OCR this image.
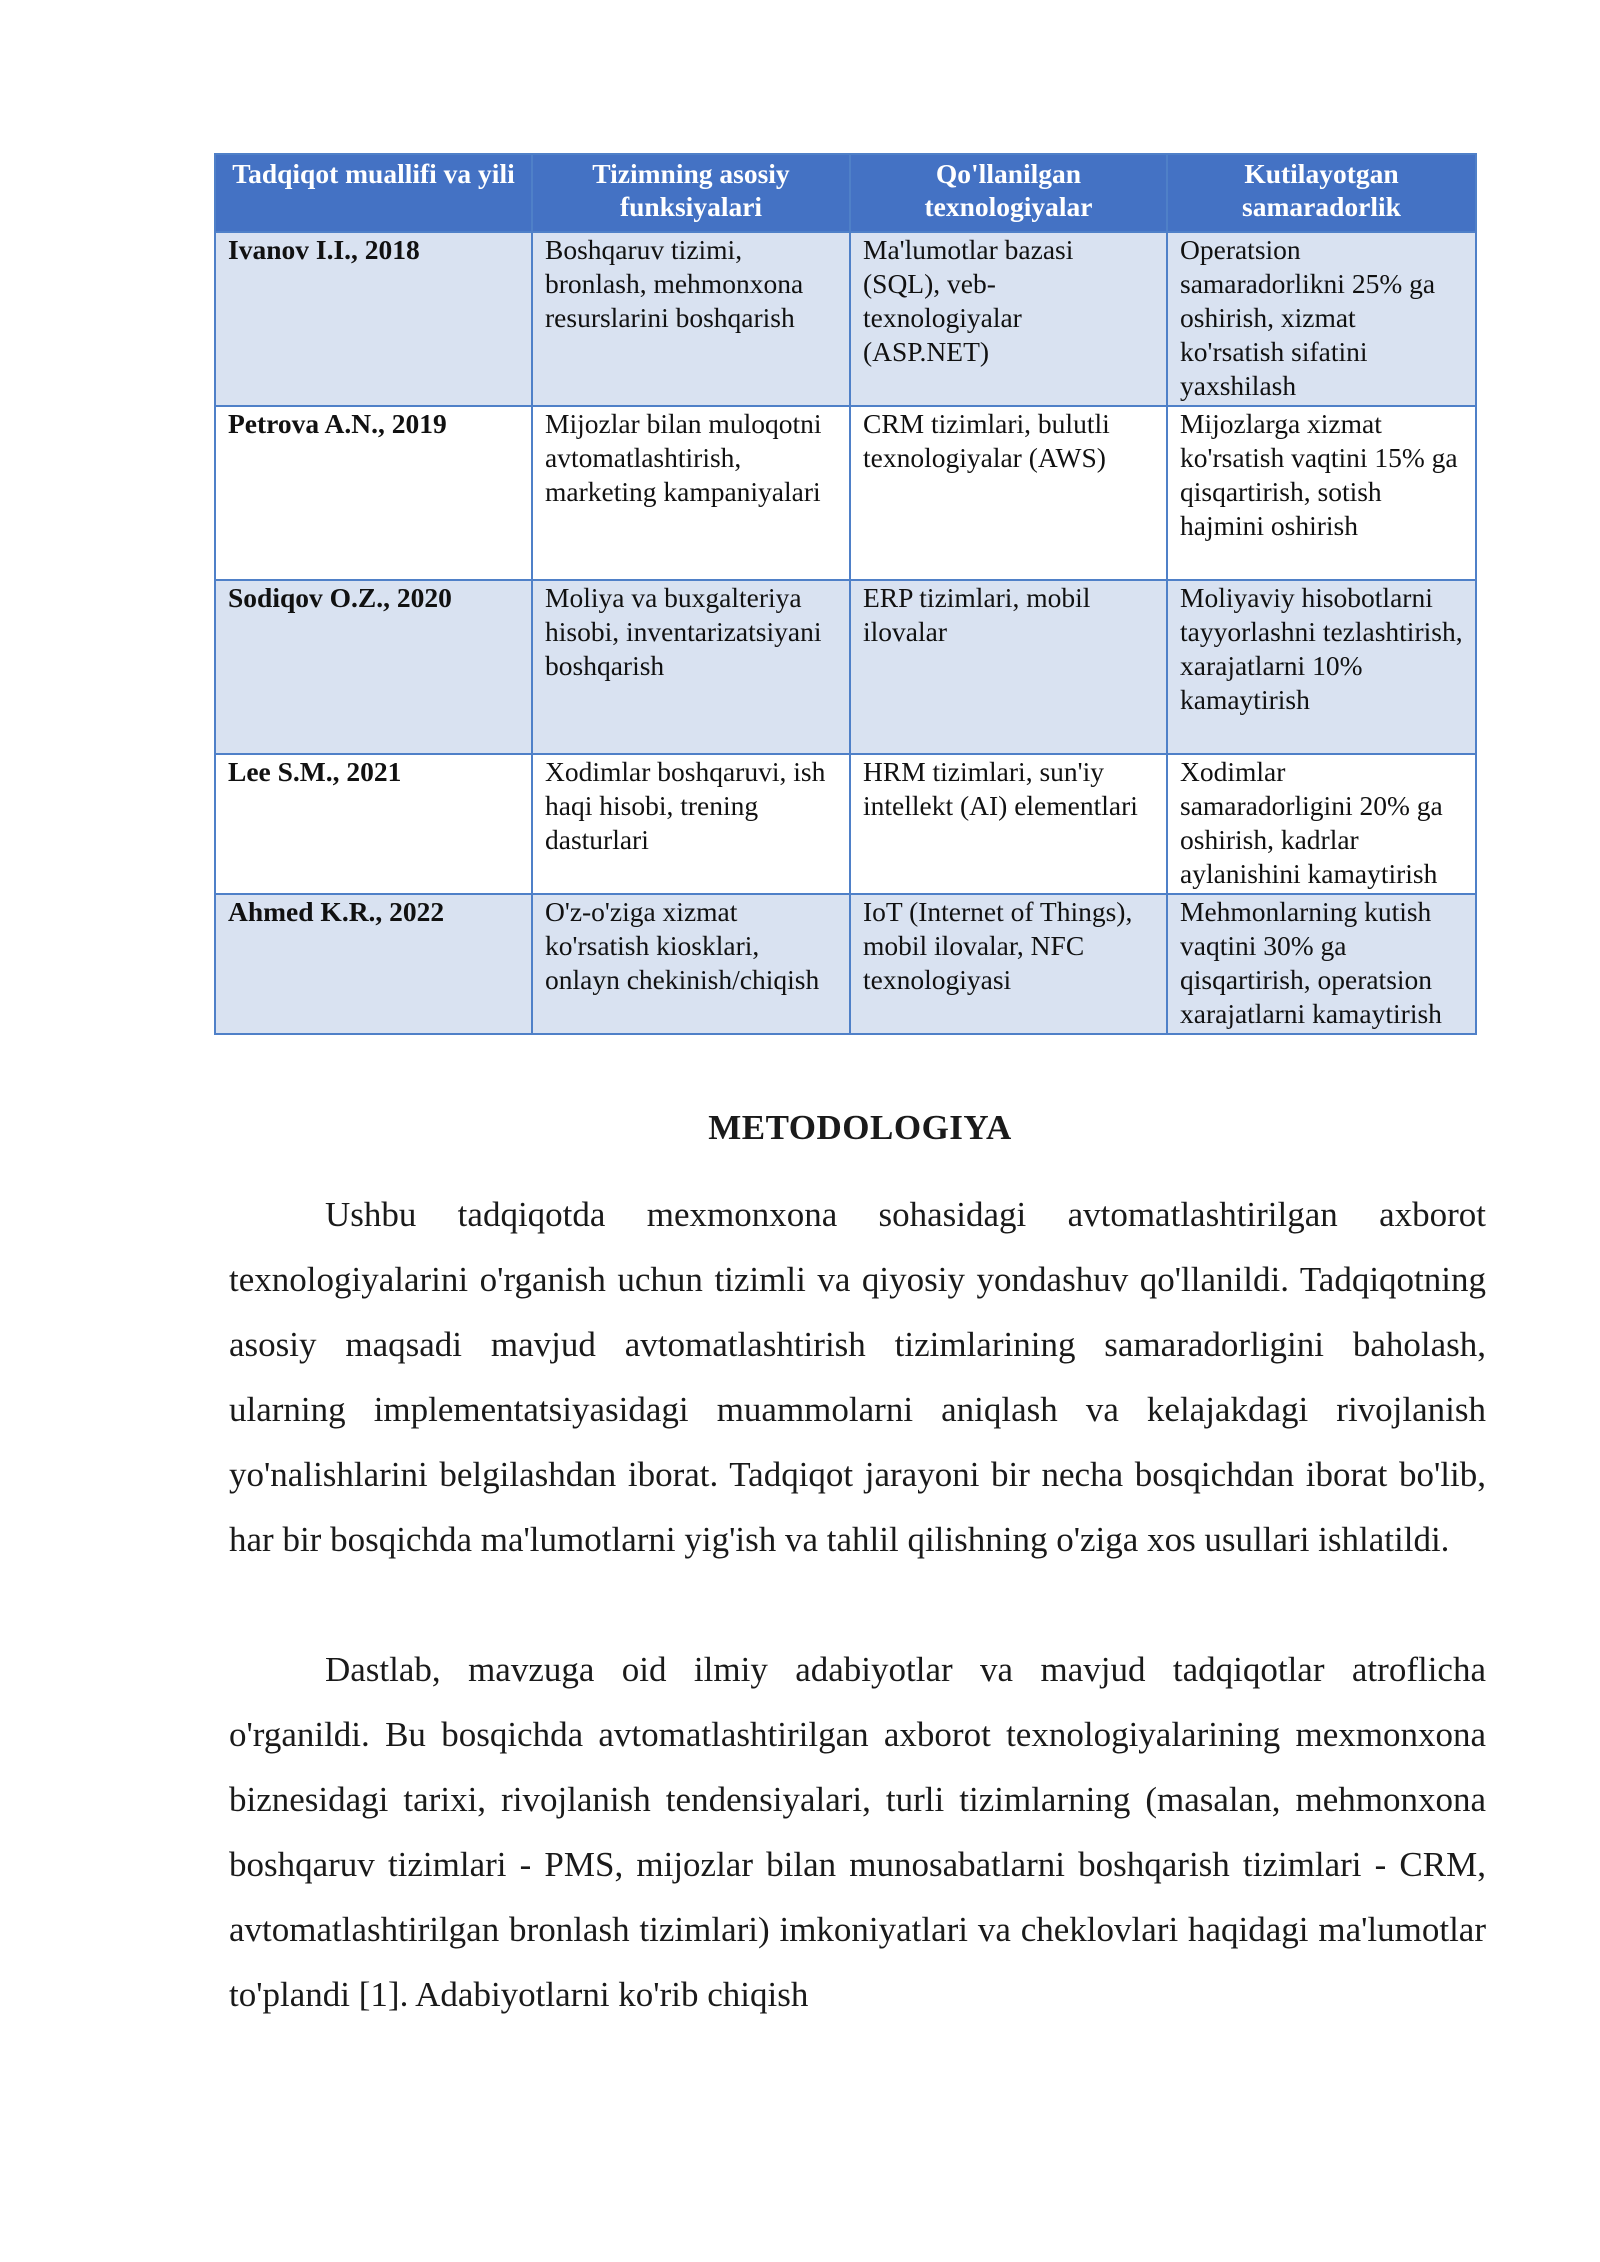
Tadqiqot muallifi va yili	Tizimning asosiy funksiyalari	Qo'llanilgan texnologiyalar	Kutilayotgan samaradorlik
Ivanov I.I., 2018	Boshqaruv tizimi, bronlash, mehmonxona resurslarini boshqarish	Ma'lumotlar bazasi (SQL), veb-texnologiyalar (ASP.NET)	Operatsion samaradorlikni 25% ga oshirish, xizmat ko'rsatish sifatini yaxshilash
Petrova A.N., 2019	Mijozlar bilan muloqotni avtomatlashtirish, marketing kampaniyalari	CRM tizimlari, bulutli texnologiyalar (AWS)	Mijozlarga xizmat ko'rsatish vaqtini 15% ga qisqartirish, sotish hajmini oshirish
Sodiqov O.Z., 2020	Moliya va buxgalteriya hisobi, inventarizatsiyani boshqarish	ERP tizimlari, mobil ilovalar	Moliyaviy hisobotlarni tayyorlashni tezlashtirish, xarajatlarni 10% kamaytirish
Lee S.M., 2021	Xodimlar boshqaruvi, ish haqi hisobi, trening dasturlari	HRM tizimlari, sun'iy intellekt (AI) elementlari	Xodimlar samaradorligini 20% ga oshirish, kadrlar aylanishini kamaytirish
Ahmed K.R., 2022	O'z-o'ziga xizmat ko'rsatish kiosklari, onlayn chekinish/chiqish	IoT (Internet of Things), mobil ilovalar, NFC texnologiyasi	Mehmonlarning kutish vaqtini 30% ga qisqartirish, operatsion xarajatlarni kamaytirish
METODOLOGIYA

Ushbu tadqiqotda mexmonxona sohasidagi avtomatlashtirilgan axborot texnologiyalarini o'rganish uchun tizimli va qiyosiy yondashuv qo'llanildi. Tadqiqotning asosiy maqsadi mavjud avtomatlashtirish tizimlarining samaradorligini baholash, ularning implementatsiyasidagi muammolarni aniqlash va kelajakdagi rivojlanish yo'nalishlarini belgilashdan iborat. Tadqiqot jarayoni bir necha bosqichdan iborat bo'lib, har bir bosqichda ma'lumotlarni yig'ish va tahlil qilishning o'ziga xos usullari ishlatildi.

Dastlab, mavzuga oid ilmiy adabiyotlar va mavjud tadqiqotlar atroflicha o'rganildi. Bu bosqichda avtomatlashtirilgan axborot texnologiyalarining mexmonxona biznesidagi tarixi, rivojlanish tendensiyalari, turli tizimlarning (masalan, mehmonxona boshqaruv tizimlari - PMS, mijozlar bilan munosabatlarni boshqarish tizimlari - CRM, avtomatlashtirilgan bronlash tizimlari) imkoniyatlari va cheklovlari haqidagi ma'lumotlar to'plandi [1]. Adabiyotlarni ko'rib chiqish
